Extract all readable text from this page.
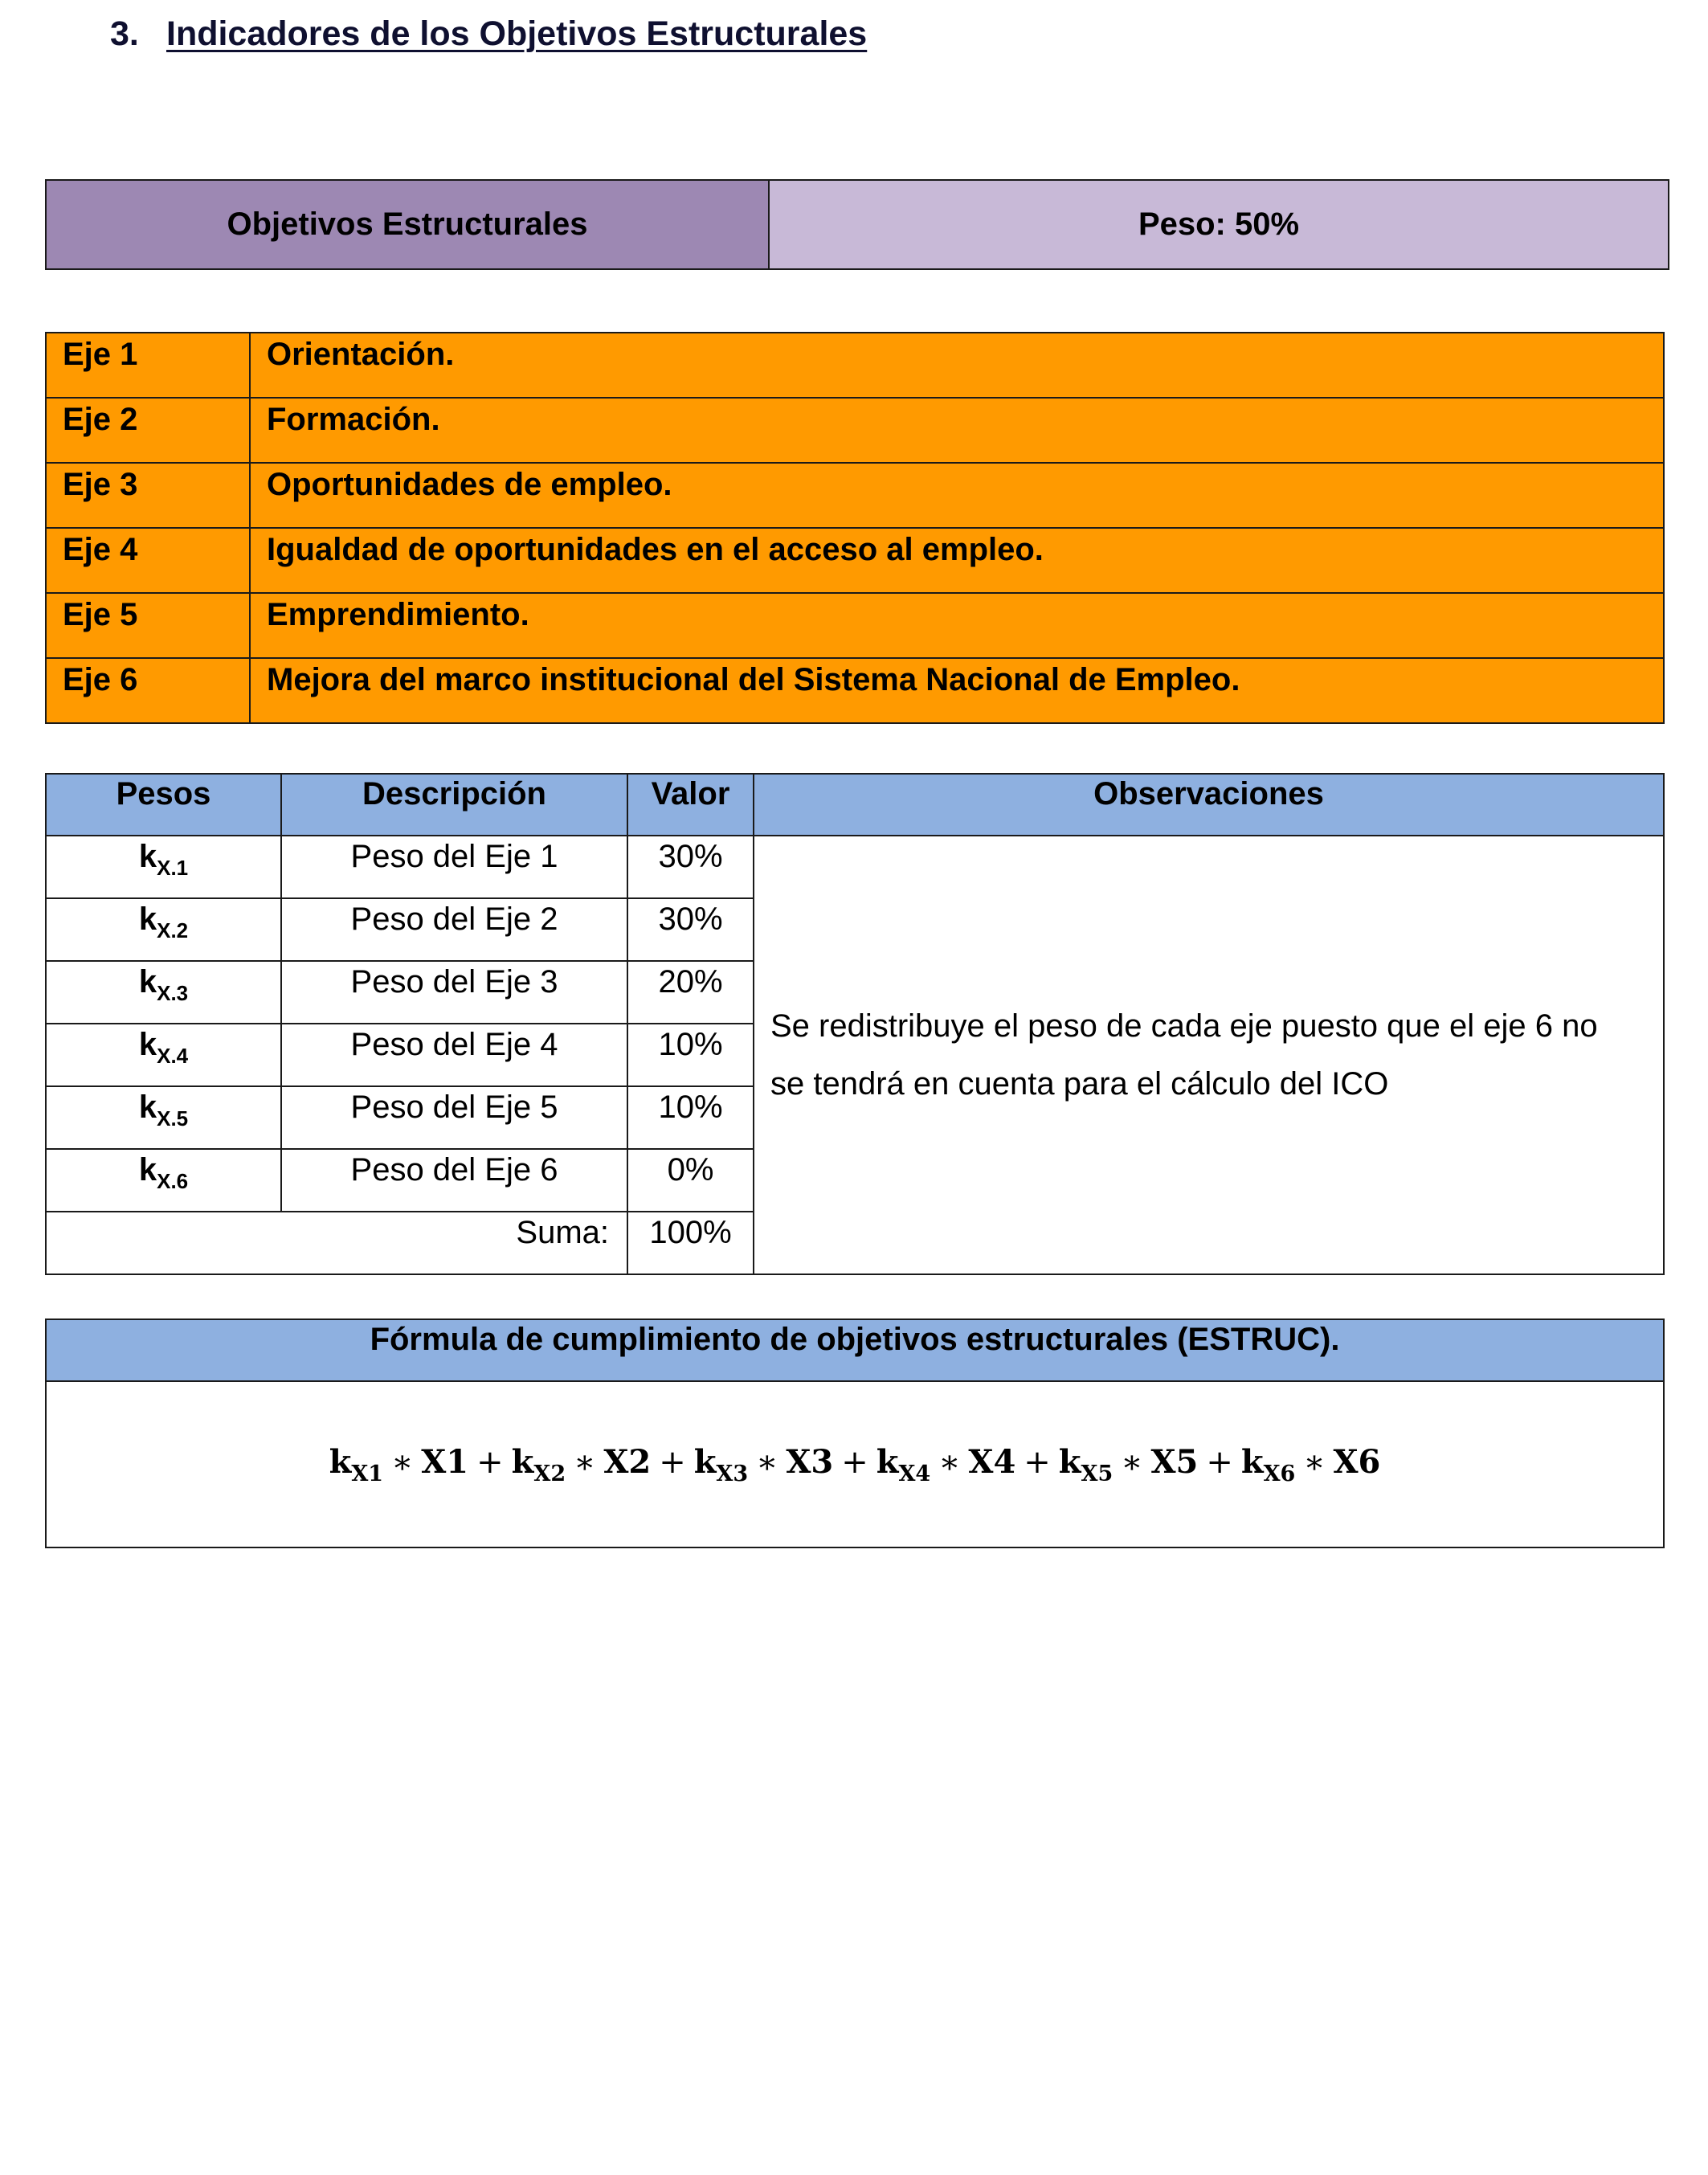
3. Indicadores de los Objetivos Estructurales
Objetivos Estructurales	Peso: 50%
Eje 1	Orientación.
Eje 2	Formación.
Eje 3	Oportunidades de empleo.
Eje 4	Igualdad de oportunidades en el acceso al empleo.
Eje 5	Emprendimiento.
Eje 6	Mejora del marco institucional del Sistema Nacional de Empleo.
Pesos	Descripción	Valor	Observaciones
$k_{X.1}$	Peso del Eje 1	30%	Se redistribuye el peso de cada eje puesto que el eje 6 no se tendrá en cuenta para el cálculo del ICO
$k_{X.2}$	Peso del Eje 2	30%	
$k_{X.3}$	Peso del Eje 3	20%	
$k_{X.4}$	Peso del Eje 4	10%	
$k_{X.5}$	Peso del Eje 5	10%	
$k_{X.6}$	Peso del Eje 6	0%	
Suma:		100%	
Fórmula de cumplimiento de objetivos estructurales (ESTRUC).
$k_{X1}$ ∗ $X1 + k_{X2}$ ∗ $X2 + k_{X3}$ ∗ $X3 + k_{X4}$ ∗ $X4 + k_{X5}$ ∗ $X5 + k_{X6}$ ∗ X6
